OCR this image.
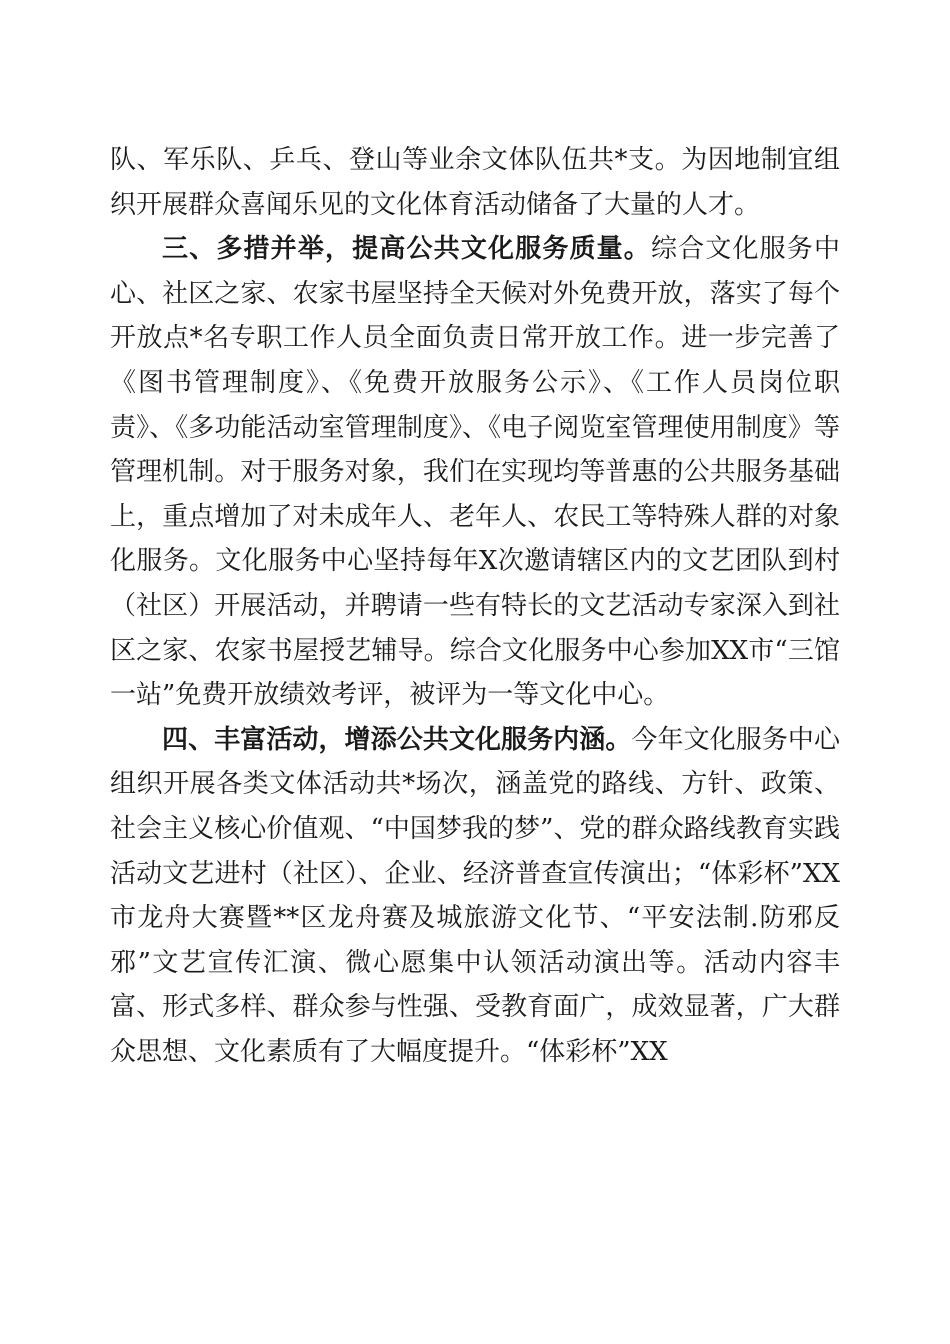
队、军乐队、乒乓、登山等业余文体队伍共*支。为因地制宜组织开展群众喜闻乐见的文化体育活动储备了大量的人才。

三、多措并举，提高公共文化服务质量。综合文化服务中心、社区之家、农家书屋坚持全天候对外免费开放，落实了每个开放点*名专职工作人员全面负责日常开放工作。进一步完善了《图书管理制度》、《免费开放服务公示》、《工作人员岗位职责》、《多功能活动室管理制度》、《电子阅览室管理使用制度》等管理机制。对于服务对象，我们在实现均等普惠的公共服务基础上，重点增加了对未成年人、老年人、农民工等特殊人群的对象化服务。文化服务中心坚持每年X次邀请辖区内的文艺团队到村（社区）开展活动，并聘请一些有特长的文艺活动专家深入到社区之家、农家书屋授艺辅导。综合文化服务中心参加XX市“三馆一站”免费开放绩效考评，被评为一等文化中心。

四、丰富活动，增添公共文化服务内涵。今年文化服务中心组织开展各类文体活动共*场次，涵盖党的路线、方针、政策、社会主义核心价值观、“中国梦我的梦”、党的群众路线教育实践活动文艺进村（社区）、企业、经济普查宣传演出；“体彩杯”XX市龙舟大赛暨**区龙舟赛及城旅游文化节、“平安法制.防邪反邪”文艺宣传汇演、微心愿集中认领活动演出等。活动内容丰富、形式多样、群众参与性强、受教育面广，成效显著，广大群众思想、文化素质有了大幅度提升。“体彩杯”XX
